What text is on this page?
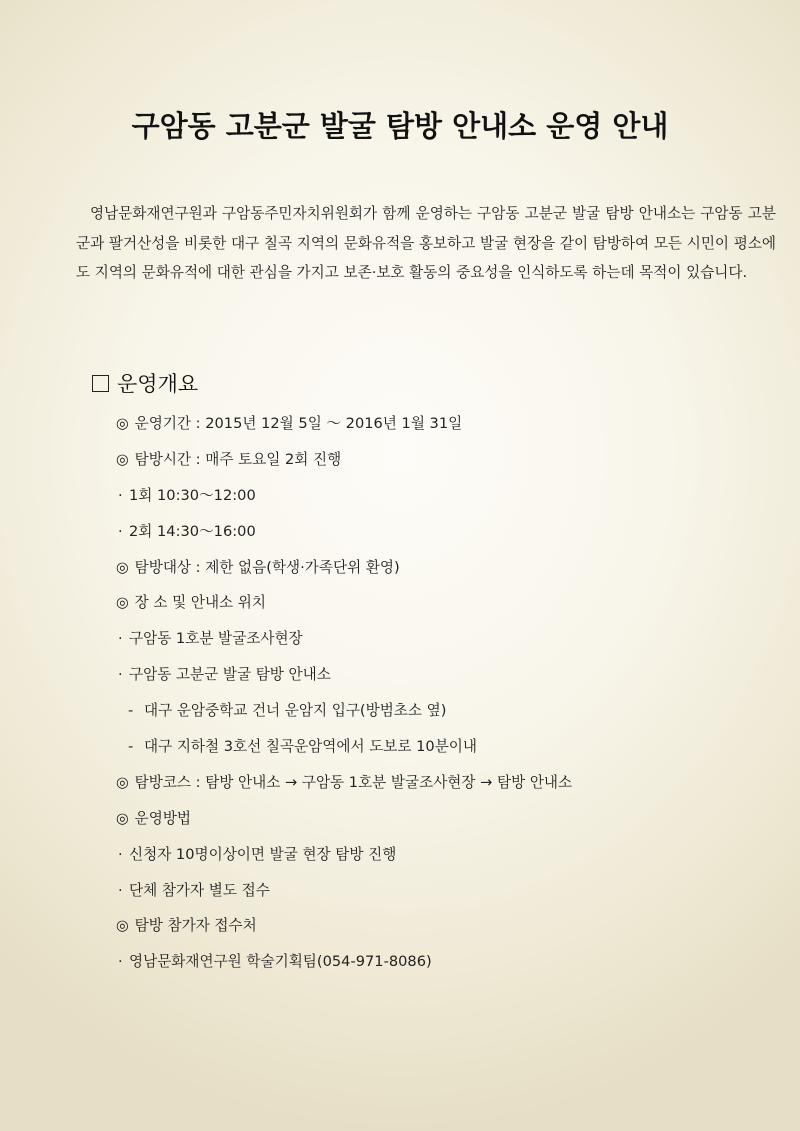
구암동 고분군 발굴 탐방 안내소 운영 안내

영남문화재연구원과 구암동주민자치위원회가 함께 운영하는 구암동 고분군 발굴 탐방 안내소는 구암동 고분군과 팔거산성을 비롯한 대구 칠곡 지역의 문화유적을 홍보하고 발굴 현장을 같이 탐방하여 모든 시민이 평소에도 지역의 문화유적에 대한 관심을 가지고 보존·보호 활동의 중요성을 인식하도록 하는데 목적이 있습니다.

운영개요
◎ 운영기간 : 2015년 12월 5일 ～ 2016년 1월 31일
◎ 탐방시간 : 매주 토요일 2회 진행
· 1회 10:30～12:00
· 2회 14:30～16:00
◎ 탐방대상 : 제한 없음(학생·가족단위 환영)
◎ 장 소 및 안내소 위치
· 구암동 1호분 발굴조사현장
· 구암동 고분군 발굴 탐방 안내소
- 대구 운암중학교 건너 운암지 입구(방범초소 옆)
- 대구 지하철 3호선 칠곡운암역에서 도보로 10분이내
◎ 탐방코스 : 탐방 안내소 → 구암동 1호분 발굴조사현장 → 탐방 안내소
◎ 운영방법
· 신청자 10명이상이면 발굴 현장 탐방 진행
· 단체 참가자 별도 접수
◎ 탐방 참가자 접수처
· 영남문화재연구원 학술기획팀(054-971-8086)
